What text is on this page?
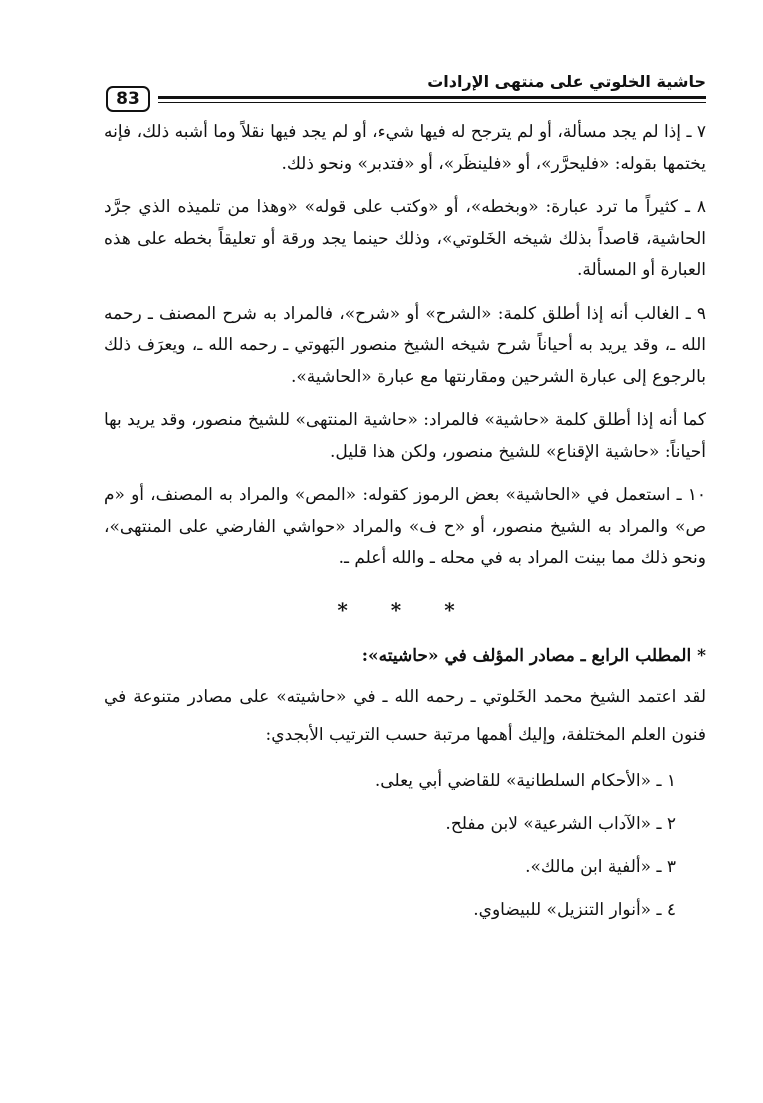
83
حاشية الخلوتي على منتهى الإرادات

٧ ـ إذا لم يجد مسألة، أو لم يترجح له فيها شيء، أو لم يجد فيها نقلاً وما أشبه ذلك، فإنه يختمها بقوله: «فليحرَّر»، أو «فلينظَر»، أو «فتدبر» ونحو ذلك.

٨ ـ كثيراً ما ترد عبارة: «وبخطه»، أو «وكتب على قوله» «وهذا من تلميذه الذي جرَّد الحاشية، قاصداً بذلك شيخه الخَلوتي»، وذلك حينما يجد ورقة أو تعليقاً بخطه على هذه العبارة أو المسألة.

٩ ـ الغالب أنه إذا أطلق كلمة: «الشرح» أو «شرح»، فالمراد به شرح المصنف ـ رحمه الله ـ، وقد يريد به أحياناً شرح شيخه الشيخ منصور البَهوتي ـ رحمه الله ـ، ويعرَف ذلك بالرجوع إلى عبارة الشرحين ومقارنتها مع عبارة «الحاشية».

كما أنه إذا أطلق كلمة «حاشية» فالمراد: «حاشية المنتهى» للشيخ منصور، وقد يريد بها أحياناً: «حاشية الإقناع» للشيخ منصور، ولكن هذا قليل.

١٠ ـ استعمل في «الحاشية» بعض الرموز كقوله: «المص» والمراد به المصنف، أو «م ص» والمراد به الشيخ منصور، أو «ح ف» والمراد «حواشي الفارضي على المنتهى»، ونحو ذلك مما بينت المراد به في محله ـ والله أعلم ـ.

* * *
* المطلب الرابع ـ مصادر المؤلف في «حاشيته»:

لقد اعتمد الشيخ محمد الخَلوتي ـ رحمه الله ـ في «حاشيته» على مصادر متنوعة في فنون العلم المختلفة، وإليك أهمها مرتبة حسب الترتيب الأبجدي:

١ ـ «الأحكام السلطانية» للقاضي أبي يعلى.
٢ ـ «الآداب الشرعية» لابن مفلح.
٣ ـ «ألفية ابن مالك».
٤ ـ «أنوار التنزيل» للبيضاوي.
